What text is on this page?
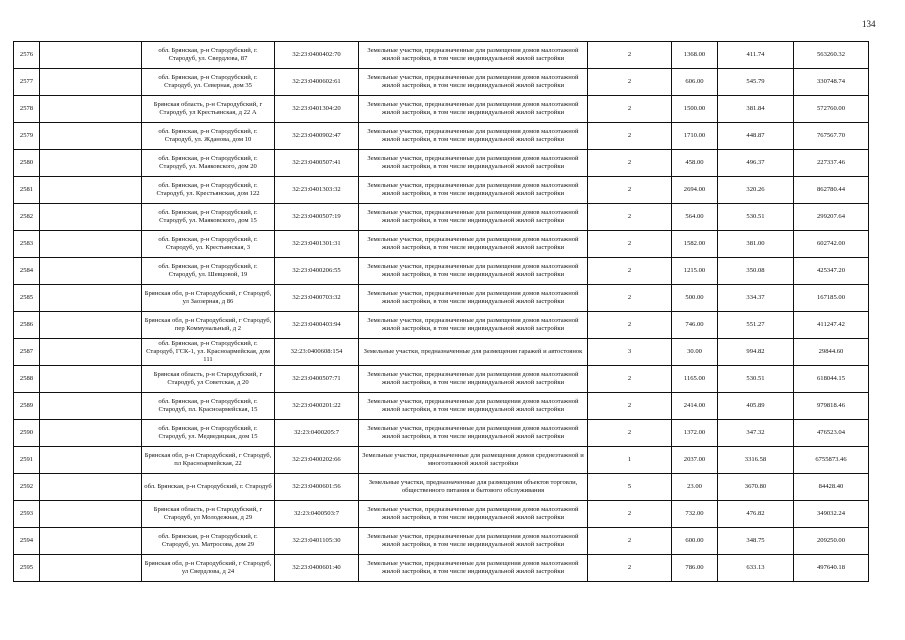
134
2576		обл. Брянская, р-н Стародубский, г. Стародуб, ул. Свердлова, 87	32:23:0400402:70	Земельные участки, предназначенные для размещения домов малоэтажной жилой застройки, в том числе индивидуальной жилой застройки	2	1368.00	411.74	563260.32
2577		обл. Брянская, р-н Стародубский, г. Стародуб, ул. Северная, дом 35	32:23:0400602:61	Земельные участки, предназначенные для размещения домов малоэтажной жилой застройки, в том числе индивидуальной жилой застройки	2	606.00	545.79	330748.74
2578		Брянская область, р-н Стародубский, г Стародуб, ул Крестьянская, д 22 А	32:23:0401304:20	Земельные участки, предназначенные для размещения домов малоэтажной жилой застройки, в том числе индивидуальной жилой застройки	2	1500.00	381.84	572760.00
2579		обл. Брянская, р-н Стародубский, г. Стародуб, ул. Жданова, дом 10	32:23:0400902:47	Земельные участки, предназначенные для размещения домов малоэтажной жилой застройки, в том числе индивидуальной жилой застройки	2	1710.00	448.87	767567.70
2580		обл. Брянская, р-н Стародубский, г. Стародуб, ул. Маяковского, дом 20	32:23:0400507:41	Земельные участки, предназначенные для размещения домов малоэтажной жилой застройки, в том числе индивидуальной жилой застройки	2	458.00	496.37	227337.46
2581		обл. Брянская, р-н Стародубский, г. Стародуб, ул. Крестьянская, дом 122	32:23:0401303:32	Земельные участки, предназначенные для размещения домов малоэтажной жилой застройки, в том числе индивидуальной жилой застройки	2	2694.00	320.26	862780.44
2582		обл. Брянская, р-н Стародубский, г. Стародуб, ул. Маяковского, дом 15	32:23:0400507:19	Земельные участки, предназначенные для размещения домов малоэтажной жилой застройки, в том числе индивидуальной жилой застройки	2	564.00	530.51	299207.64
2583		обл. Брянская, р-н Стародубский, г. Стародуб, ул. Крестьянская, 3	32:23:0401301:31	Земельные участки, предназначенные для размещения домов малоэтажной жилой застройки, в том числе индивидуальной жилой застройки	2	1582.00	381.00	602742.00
2584		обл. Брянская, р-н Стародубский, г. Стародуб, ул. Шевцовой, 19	32:23:0400206:55	Земельные участки, предназначенные для размещения домов малоэтажной жилой застройки, в том числе индивидуальной жилой застройки	2	1215.00	350.08	425347.20
2585		Брянская обл, р-н Стародубский, г Стародуб, ул Заозерная, д 86	32:23:0400703:32	Земельные участки, предназначенные для размещения домов малоэтажной жилой застройки, в том числе индивидуальной жилой застройки	2	500.00	334.37	167185.00
2586		Брянская обл, р-н Стародубский, г Стародуб, пер Коммунальный, д 2	32:23:0400403:94	Земельные участки, предназначенные для размещения домов малоэтажной жилой застройки, в том числе индивидуальной жилой застройки	2	746.00	551.27	411247.42
2587		обл. Брянская, р-н Стародубский, г. Стародуб, ГСК-1, ул. Красноармейская, дом 111	32:23:0400608:154	Земельные участки, предназначенные для размещения гаражей и автостоянок	3	30.00	994.82	29844.60
2588		Брянская область, р-н Стародубский, г Стародуб, ул Советская, д 20	32:23:0400507:71	Земельные участки, предназначенные для размещения домов малоэтажной жилой застройки, в том числе индивидуальной жилой застройки	2	1165.00	530.51	618044.15
2589		обл. Брянская, р-н Стародубский, г. Стародуб, пл. Красноармейская, 15	32:23:0400201:22	Земельные участки, предназначенные для размещения домов малоэтажной жилой застройки, в том числе индивидуальной жилой застройки	2	2414.00	405.89	979818.46
2590		обл. Брянская, р-н Стародубский, г. Стародуб, ул. Медведицкая, дом 15	32:23:0400205:7	Земельные участки, предназначенные для размещения домов малоэтажной жилой застройки, в том числе индивидуальной жилой застройки	2	1372.00	347.32	476523.04
2591		Брянская обл, р-н Стародубский, г Стародуб, пл Красноармейская, 22	32:23:0400202:66	Земельные участки, предназначенные для размещения домов среднеэтажной и многоэтажной жилой застройки	1	2037.00	3316.58	6755873.46
2592		обл. Брянская, р-н Стародубский, г. Стародуб	32:23:0400601:56	Земельные участки, предназначенные для размещения объектов торговли, общественного питания и бытового обслуживания	5	23.00	3670.80	84428.40
2593		Брянская область, р-н Стародубский, г Стародуб, ул Молодежная, д 29	32:23:0400503:7	Земельные участки, предназначенные для размещения домов малоэтажной жилой застройки, в том числе индивидуальной жилой застройки	2	732.00	476.82	349032.24
2594		обл. Брянская, р-н Стародубский, г. Стародуб, ул. Матросова, дом 29	32:23:0401105:30	Земельные участки, предназначенные для размещения домов малоэтажной жилой застройки, в том числе индивидуальной жилой застройки	2	600.00	348.75	209250.00
2595		Брянская обл, р-н Стародубский, г Стародуб, ул Свердлова, д 24	32:23:0400601:40	Земельные участки, предназначенные для размещения домов малоэтажной жилой застройки, в том числе индивидуальной жилой застройки	2	786.00	633.13	497640.18
